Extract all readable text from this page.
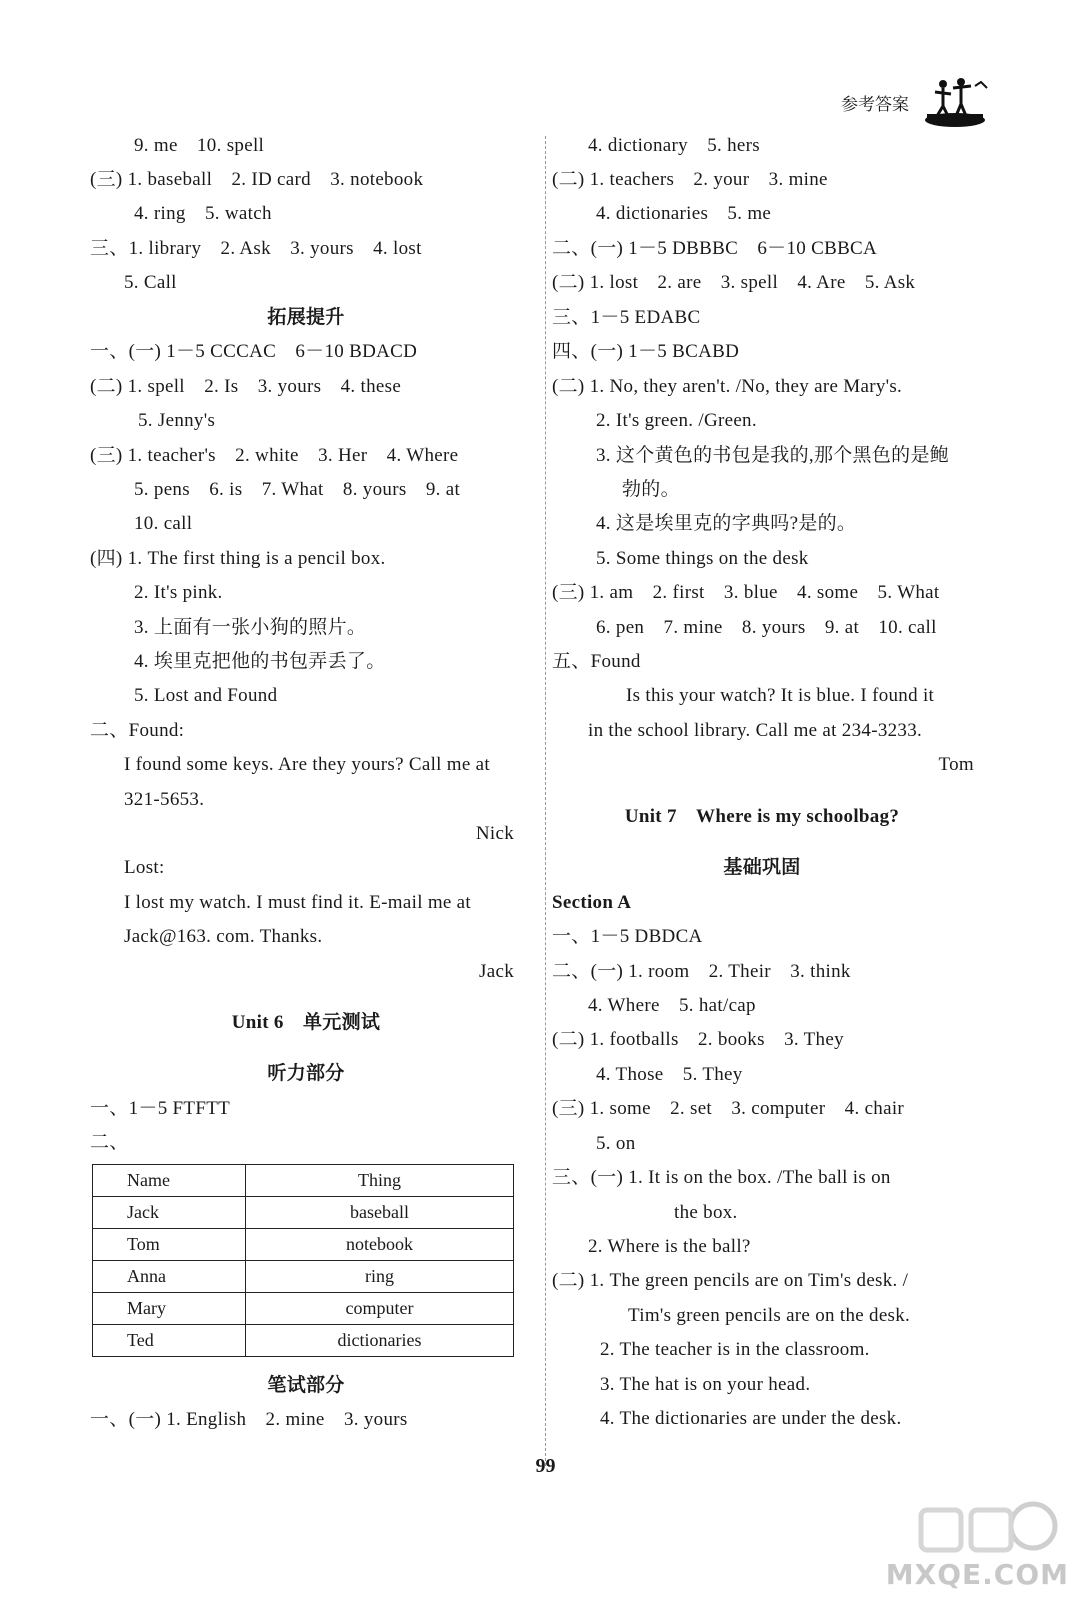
参考答案
9. me　10. spell
(三) 1. baseball　2. ID card　3. notebook
4. ring　5. watch
三、1. library　2. Ask　3. yours　4. lost
5. Call
拓展提升
一、(一) 1－5 CCCAC　6－10 BDACD
(二) 1. spell　2. Is　3. yours　4. these
5. Jenny's
(三) 1. teacher's　2. white　3. Her　4. Where
5. pens　6. is　7. What　8. yours　9. at
10. call
(四) 1. The first thing is a pencil box.
2. It's pink.
3. 上面有一张小狗的照片。
4. 埃里克把他的书包弄丢了。
5. Lost and Found
二、Found:
I found some keys. Are they yours? Call me at
321-5653.
Nick
Lost:
I lost my watch. I must find it. E-mail me at
Jack@163. com. Thanks.
Jack
Unit 6　单元测试
听力部分
一、1－5 FTFTT
二、
Name	Thing
Jack	baseball
Tom	notebook
Anna	ring
Mary	computer
Ted	dictionaries
笔试部分
一、(一) 1. English　2. mine　3. yours
4. dictionary　5. hers
(二) 1. teachers　2. your　3. mine
4. dictionaries　5. me
二、(一) 1－5 DBBBC　6－10 CBBCA
(二) 1. lost　2. are　3. spell　4. Are　5. Ask
三、1－5 EDABC
四、(一) 1－5 BCABD
(二) 1. No, they aren't. /No, they are Mary's.
2. It's green. /Green.
3. 这个黄色的书包是我的,那个黑色的是鲍
勃的。
4. 这是埃里克的字典吗?是的。
5. Some things on the desk
(三) 1. am　2. first　3. blue　4. some　5. What
6. pen　7. mine　8. yours　9. at　10. call
五、Found
Is this your watch? It is blue. I found it
in the school library. Call me at 234-3233.
Tom
Unit 7　Where is my schoolbag?
基础巩固
Section A
一、1－5 DBDCA
二、(一) 1. room　2. Their　3. think
4. Where　5. hat/cap
(二) 1. footballs　2. books　3. They
4. Those　5. They
(三) 1. some　2. set　3. computer　4. chair
5. on
三、(一) 1. It is on the box. /The ball is on
the box.
2. Where is the ball?
(二) 1. The green pencils are on Tim's desk. /
Tim's green pencils are on the desk.
2. The teacher is in the classroom.
3. The hat is on your head.
4. The dictionaries are under the desk.
99
MXQE.COM
